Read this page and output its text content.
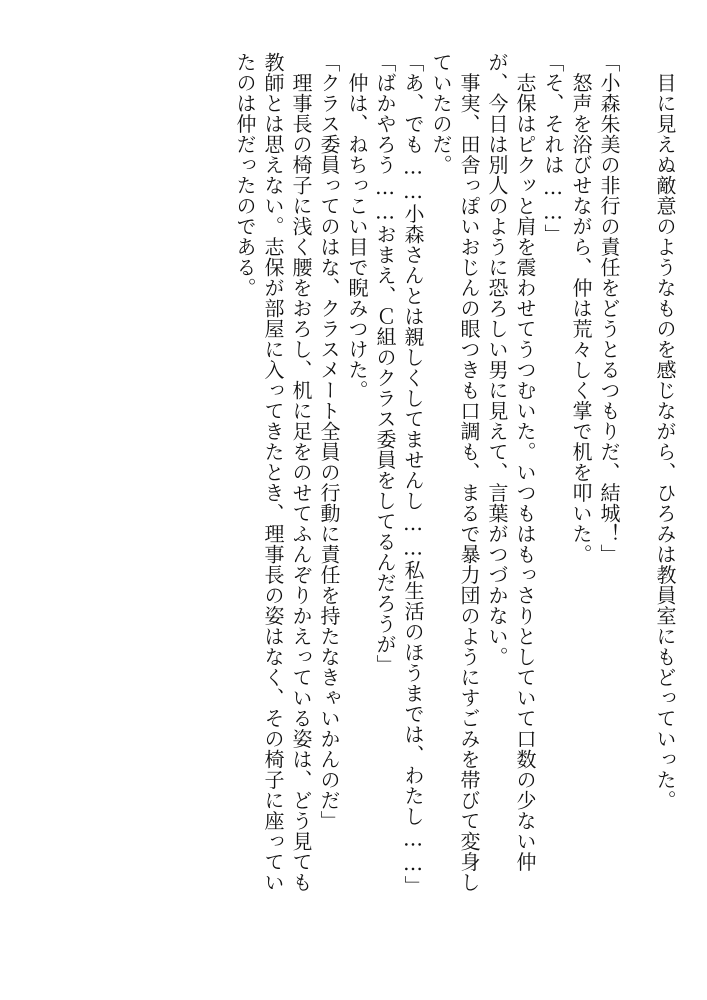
　目に見えぬ敵意のようなものを感じながら、ひろみは教員室にもどっていった。

「小森朱美の非行の責任をどうとるつもりだ、結城！」
　怒声を浴びせながら、仲は荒々しく掌で机を叩いた。
「そ、それは……」
　志保はピクッと肩を震わせてうつむいた。いつもはもっさりとしていて口数の少ない仲
が、今日は別人のように恐ろしい男に見えて、言葉がつづかない。
　事実、田舎っぽいおじんの眼つきも口調も、まるで暴力団のようにすごみを帯びて変身し
ていたのだ。
「あ、でも……小森さんとは親しくしてませんし……私生活のほうまでは、わたし……」
「ばかやろう……おまえ、Ｃ組のクラス委員をしてるんだろうが」
　仲は、ねちっこい目で睨みつけた。
「クラス委員ってのはな、クラスメート全員の行動に責任を持たなきゃいかんのだ」
　理事長の椅子に浅く腰をおろし、机に足をのせてふんぞりかえっている姿は、どう見ても
教師とは思えない。志保が部屋に入ってきたとき、理事長の姿はなく、その椅子に座ってい
たのは仲だったのである。
